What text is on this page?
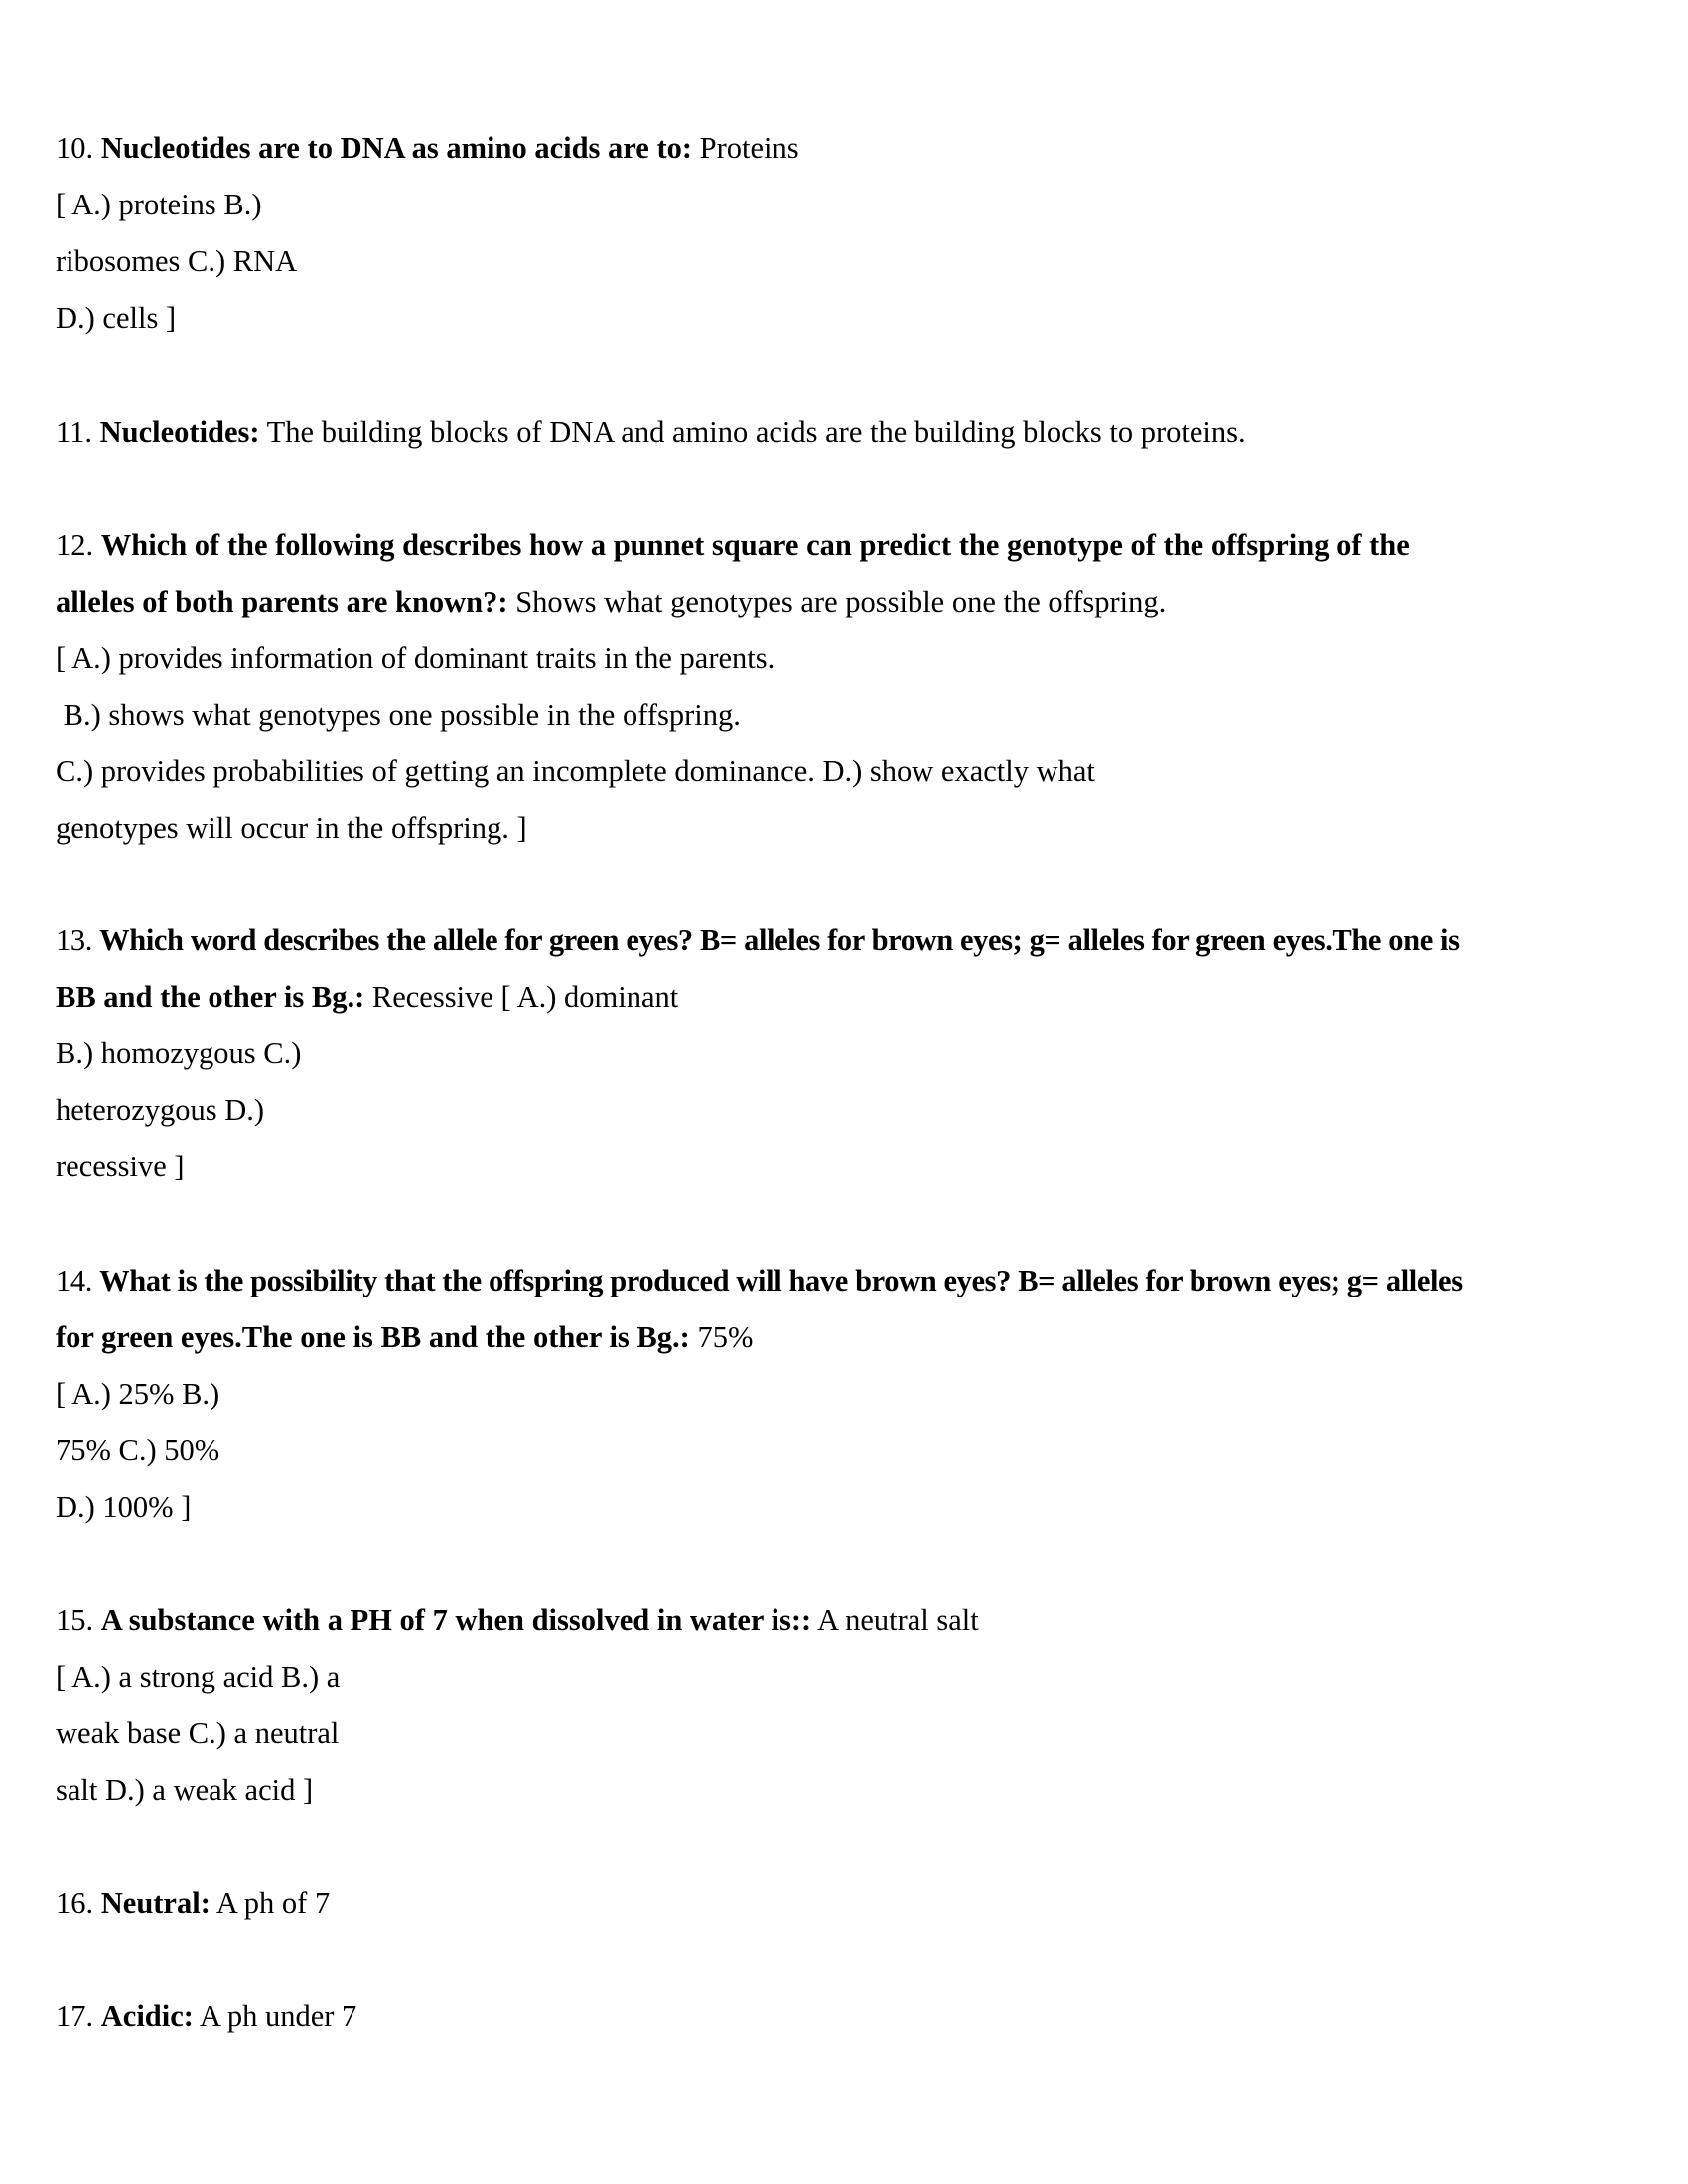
10. Nucleotides are to DNA as amino acids are to: Proteins
[ A.) proteins B.)
ribosomes C.) RNA
D.) cells ]
11. Nucleotides: The building blocks of DNA and amino acids are the building blocks to proteins.
12. Which of the following describes how a punnet square can predict the genotype of the offspring of the
alleles of both parents are known?: Shows what genotypes are possible one the offspring.
[ A.) provides information of dominant traits in the parents.
B.) shows what genotypes one possible in the offspring.
C.) provides probabilities of getting an incomplete dominance. D.) show exactly what
genotypes will occur in the offspring. ]
13. Which word describes the allele for green eyes? B= alleles for brown eyes; g= alleles for green eyes.The one is
BB and the other is Bg.: Recessive [ A.) dominant
B.) homozygous C.)
heterozygous D.)
recessive ]
14. What is the possibility that the offspring produced will have brown eyes? B= alleles for brown eyes; g= alleles
for green eyes.The one is BB and the other is Bg.: 75%
[ A.) 25% B.)
75% C.) 50%
D.) 100% ]
15. A substance with a PH of 7 when dissolved in water is:: A neutral salt
[ A.) a strong acid B.) a
weak base C.) a neutral
salt D.) a weak acid ]
16. Neutral: A ph of 7
17. Acidic: A ph under 7
